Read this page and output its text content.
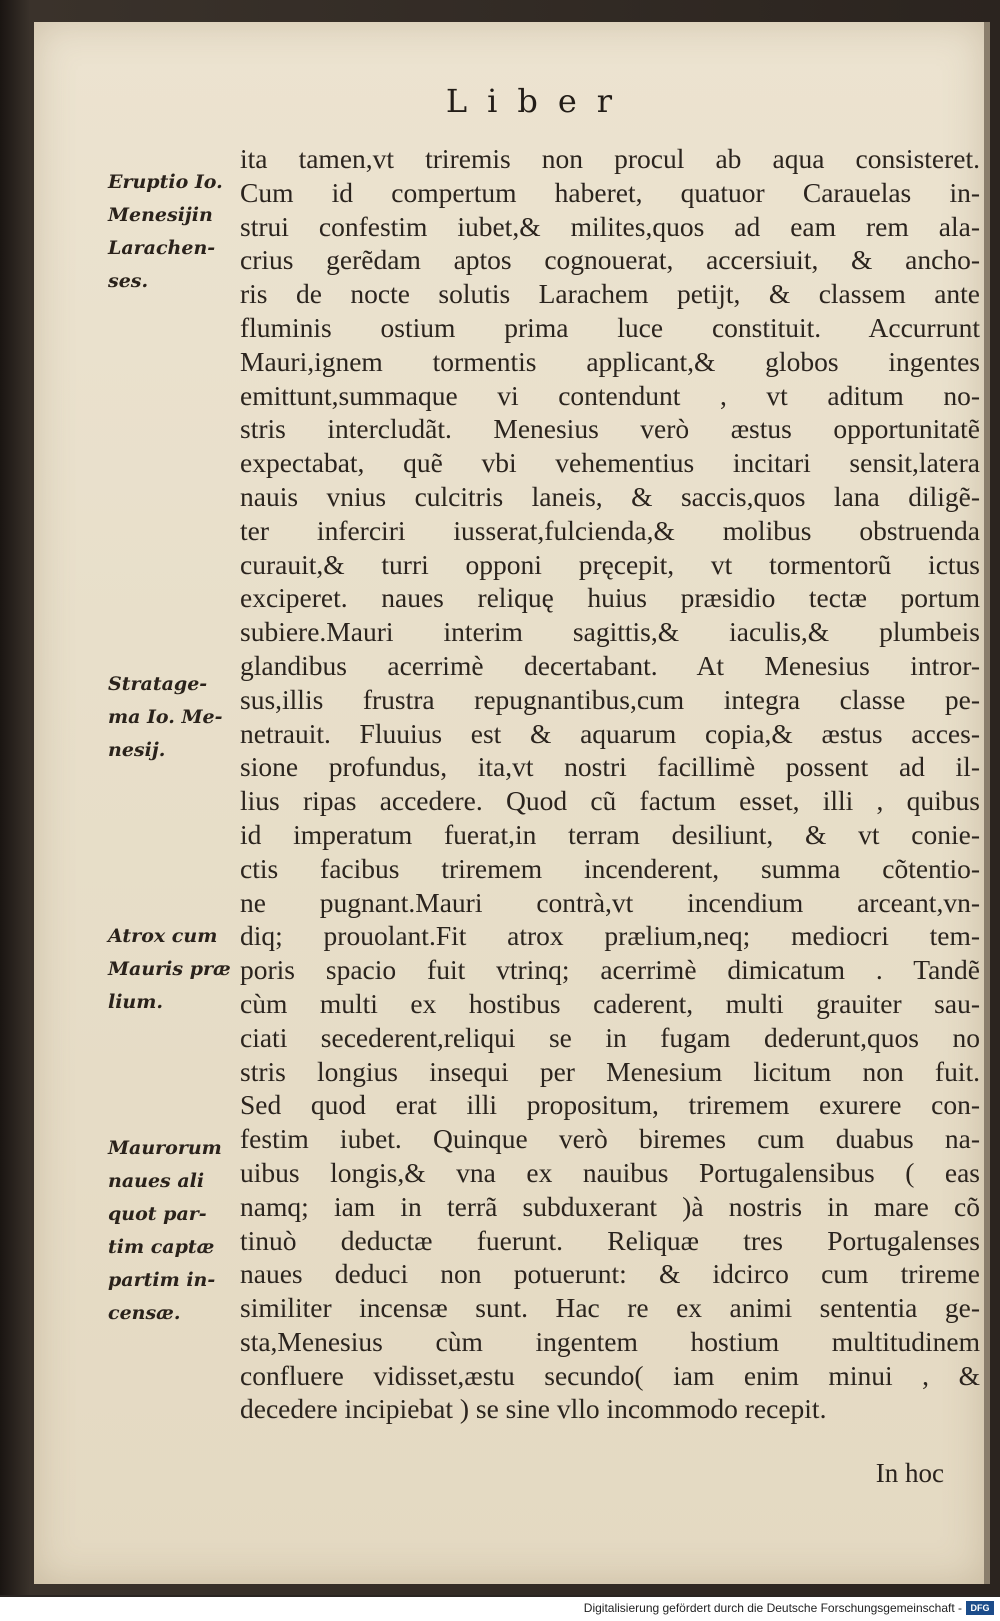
Liber

Eruptio Io.
Menesijin
Larachen-
ses.

Stratage-
ma Io. Me-
nesij.

Atrox cum
Mauris præ
lium.

Maurorum
naues ali
quot par-
tim captæ
partim in-
censæ.

ita tamen,vt triremis non procul ab aqua consisteret.
Cum id compertum haberet, quatuor Carauelas in-
strui confestim iubet,& milites,quos ad eam rem ala-
crius gerẽdam aptos cognouerat, accersiuit, & ancho-
ris de nocte solutis Larachem petijt, & classem ante
fluminis ostium prima luce constituit. Accurrunt
Mauri,ignem tormentis applicant,& globos ingentes
emittunt,summaque vi contendunt , vt aditum no-
stris intercludãt. Menesius verò æstus opportunitatẽ
expectabat, quẽ vbi vehementius incitari sensit,latera
nauis vnius culcitris laneis, & saccis,quos lana diligẽ-
ter inferciri iusserat,fulcienda,& molibus obstruenda
curauit,& turri opponi pręcepit, vt tormentorũ ictus
exciperet. naues reliquę huius præsidio tectæ portum
subiere.Mauri interim sagittis,& iaculis,& plumbeis
glandibus acerrimè decertabant. At Menesius intror-
sus,illis frustra repugnantibus,cum integra classe pe-
netrauit. Fluuius est & aquarum copia,& æstus acces-
sione profundus, ita,vt nostri facillimè possent ad il-
lius ripas accedere. Quod cũ factum esset, illi , quibus
id imperatum fuerat,in terram desiliunt, & vt conie-
ctis facibus triremem incenderent, summa cõtentio-
ne pugnant.Mauri contrà,vt incendium arceant,vn-
diq; prouolant.Fit atrox prælium,neq; mediocri tem-
poris spacio fuit vtrinq; acerrimè dimicatum . Tandẽ
cùm multi ex hostibus caderent, multi grauiter sau-
ciati secederent,reliqui se in fugam dederunt,quos no
stris longius insequi per Menesium licitum non fuit.
Sed quod erat illi propositum, triremem exurere con-
festim iubet. Quinque verò biremes cum duabus na-
uibus longis,& vna ex nauibus Portugalensibus ( eas
namq; iam in terrã subduxerant )à nostris in mare cõ
tinuò deductæ fuerunt. Reliquæ tres Portugalenses
naues deduci non potuerunt: & idcirco cum trireme
similiter incensæ sunt. Hac re ex animi sententia ge-
sta,Menesius cùm ingentem hostium multitudinem
confluere vidisset,æstu secundo( iam enim minui , &
decedere incipiebat ) se sine vllo incommodo recepit.

In hoc
Digitalisierung gefördert durch die Deutsche Forschungsgemeinschaft - DFG
